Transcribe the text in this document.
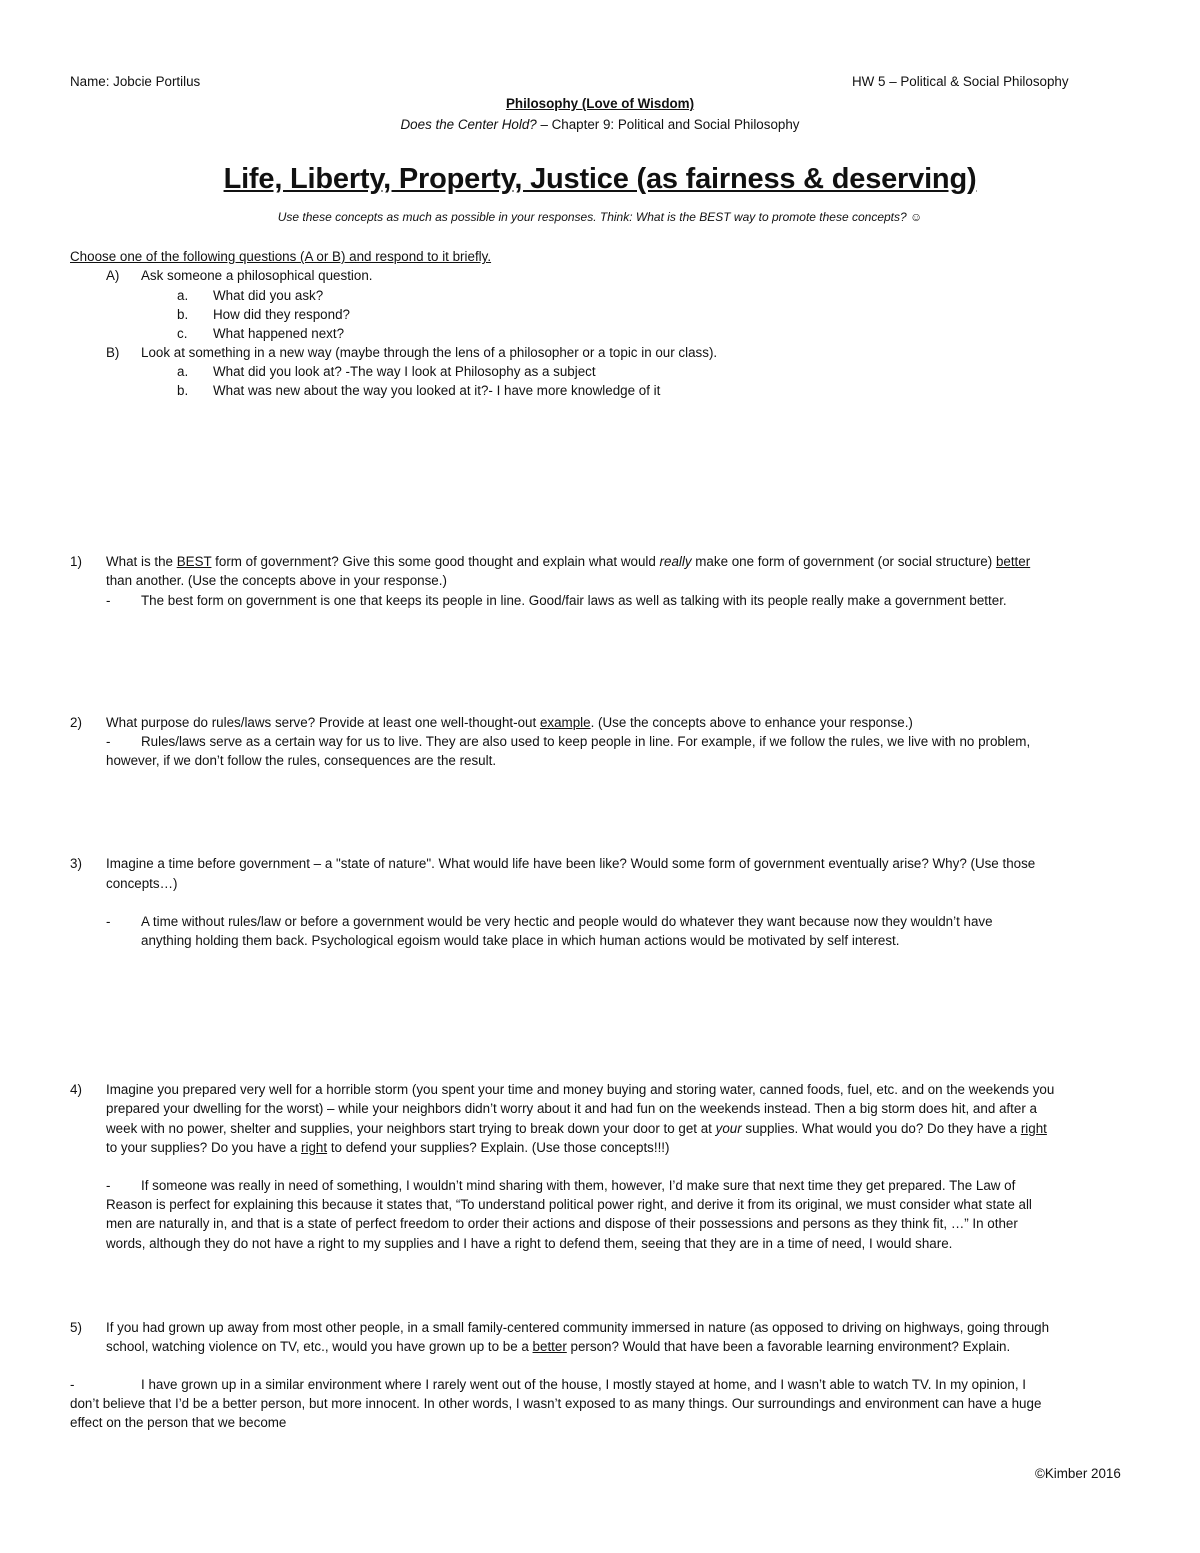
Name: Jobcie Portilus	HW 5 – Political & Social Philosophy
Philosophy (Love of Wisdom)
Does the Center Hold? – Chapter 9: Political and Social Philosophy
Life, Liberty, Property, Justice (as fairness & deserving)
Use these concepts as much as possible in your responses. Think: What is the BEST way to promote these concepts? ☺
Choose one of the following questions (A or B) and respond to it briefly.
A) Ask someone a philosophical question.
a. What did you ask?
b. How did they respond?
c. What happened next?
B) Look at something in a new way (maybe through the lens of a philosopher or a topic in our class).
a. What did you look at? -The way I look at Philosophy as a subject
b. What was new about the way you looked at it?- I have more knowledge of it
1) What is the BEST form of government? Give this some good thought and explain what would really make one form of government (or social structure) better
than another. (Use the concepts above in your response.)
- The best form on government is one that keeps its people in line. Good/fair laws as well as talking with its people really make a government better.
2) What purpose do rules/laws serve? Provide at least one well-thought-out example. (Use the concepts above to enhance your response.)
- Rules/laws serve as a certain way for us to live. They are also used to keep people in line. For example, if we follow the rules, we live with no problem,
however, if we don’t follow the rules, consequences are the result.
3) Imagine a time before government – a "state of nature". What would life have been like? Would some form of government eventually arise? Why? (Use those
concepts…)
- A time without rules/law or before a government would be very hectic and people would do whatever they want because now they wouldn’t have
anything holding them back. Psychological egoism would take place in which human actions would be motivated by self interest.
4) Imagine you prepared very well for a horrible storm (you spent your time and money buying and storing water, canned foods, fuel, etc. and on the weekends you
prepared your dwelling for the worst) – while your neighbors didn’t worry about it and had fun on the weekends instead. Then a big storm does hit, and after a
week with no power, shelter and supplies, your neighbors start trying to break down your door to get at your supplies. What would you do? Do they have a right
to your supplies? Do you have a right to defend your supplies? Explain. (Use those concepts!!!)
- If someone was really in need of something, I wouldn’t mind sharing with them, however, I’d make sure that next time they get prepared. The Law of
Reason is perfect for explaining this because it states that, “To understand political power right, and derive it from its original, we must consider what state all
men are naturally in, and that is a state of perfect freedom to order their actions and dispose of their possessions and persons as they think fit, …” In other
words, although they do not have a right to my supplies and I have a right to defend them, seeing that they are in a time of need, I would share.
5) If you had grown up away from most other people, in a small family-centered community immersed in nature (as opposed to driving on highways, going through
school, watching violence on TV, etc., would you have grown up to be a better person? Would that have been a favorable learning environment? Explain.
-	I have grown up in a similar environment where I rarely went out of the house, I mostly stayed at home, and I wasn’t able to watch TV. In my opinion, I
don’t believe that I’d be a better person, but more innocent. In other words, I wasn’t exposed to as many things. Our surroundings and environment can have a huge
effect on the person that we become
©Kimber 2016
